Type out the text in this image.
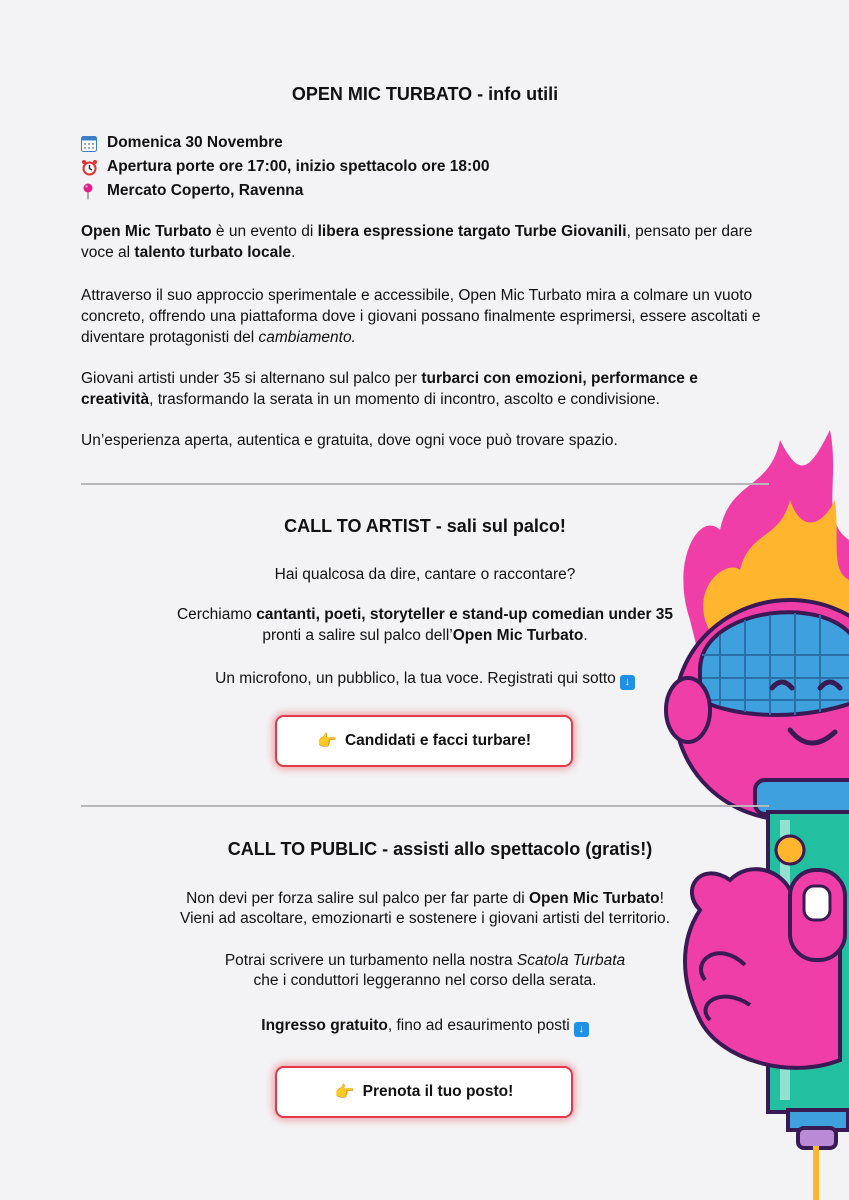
OPEN MIC TURBATO - info utili
Domenica 30 Novembre
Apertura porte ore 17:00, inizio spettacolo ore 18:00
Mercato Coperto, Ravenna
Open Mic Turbato è un evento di libera espressione targato Turbe Giovanili, pensato per dare voce al talento turbato locale.
Attraverso il suo approccio sperimentale e accessibile, Open Mic Turbato mira a colmare un vuoto concreto, offrendo una piattaforma dove i giovani possano finalmente esprimersi, essere ascoltati e diventare protagonisti del cambiamento.
Giovani artisti under 35 si alternano sul palco per turbarci con emozioni, performance e creatività, trasformando la serata in un momento di incontro, ascolto e condivisione.
Un’esperienza aperta, autentica e gratuita, dove ogni voce può trovare spazio.
CALL TO ARTIST - sali sul palco!
Hai qualcosa da dire, cantare o raccontare?
Cerchiamo cantanti, poeti, storyteller e stand-up comedian under 35
pronti a salire sul palco dell’Open Mic Turbato.
Un microfono, un pubblico, la tua voce. Registrati qui sotto ↓
👉 Candidati e facci turbare!
CALL TO PUBLIC - assisti allo spettacolo (gratis!)
Non devi per forza salire sul palco per far parte di Open Mic Turbato!
Vieni ad ascoltare, emozionarti e sostenere i giovani artisti del territorio.
Potrai scrivere un turbamento nella nostra Scatola Turbata
che i conduttori leggeranno nel corso della serata.
Ingresso gratuito, fino ad esaurimento posti ↓
👉 Prenota il tuo posto!
